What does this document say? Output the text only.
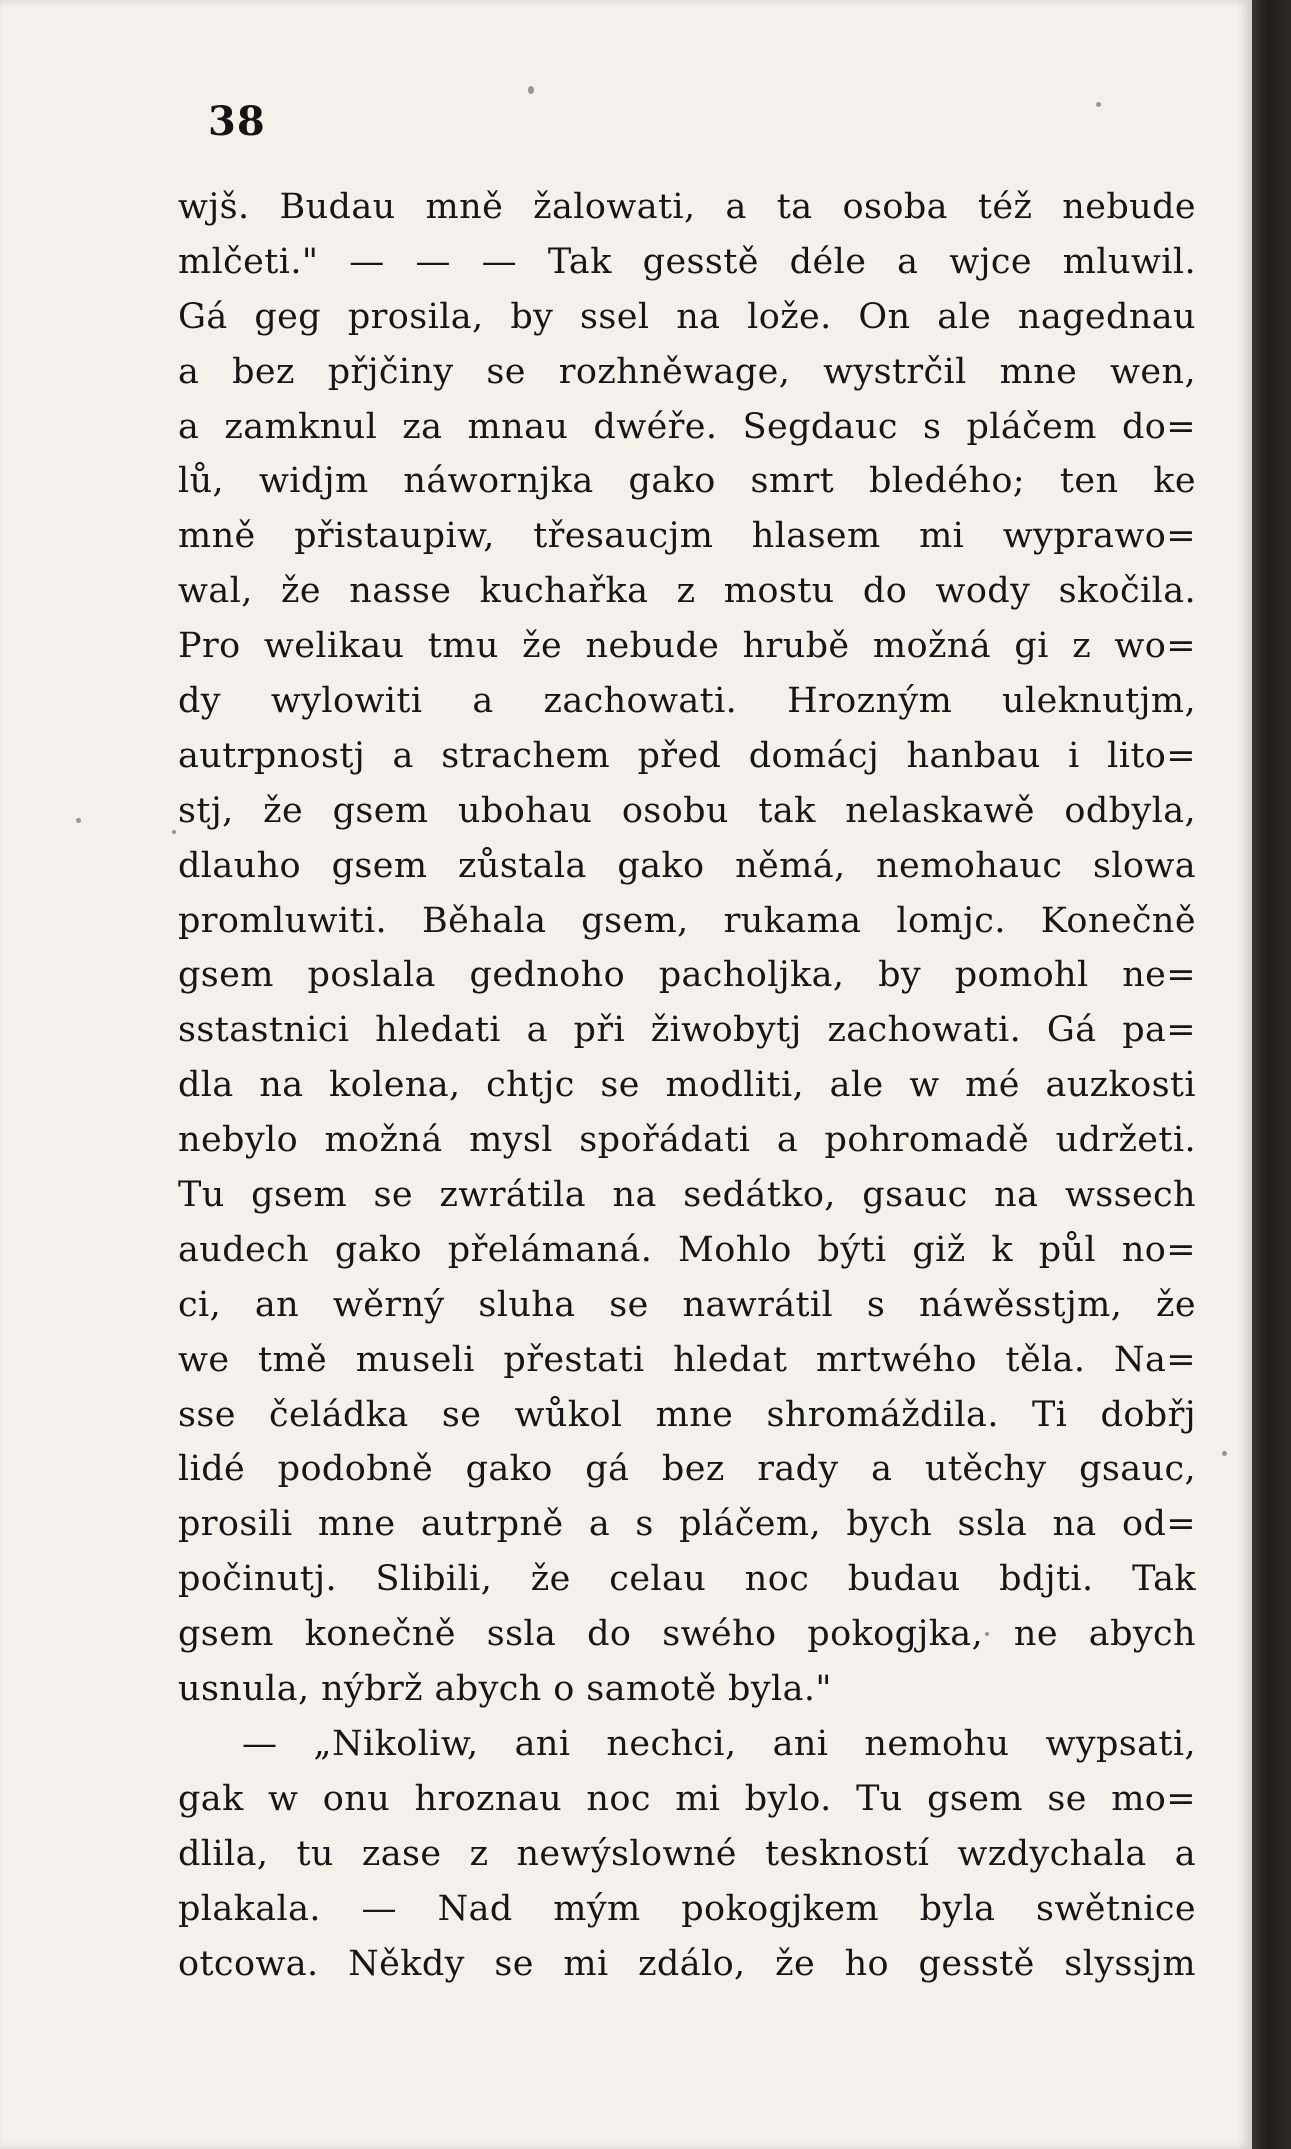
38
wjš. Budau mně žalowati, a ta osoba též nebude
mlčeti." — — — Tak gesstě déle a wjce mluwil.
Gá geg prosila, by ssel na lože. On ale nagednau
a bez přjčiny se rozhněwage, wystrčil mne wen,
a zamknul za mnau dwéře. Segdauc s pláčem do=
lů, widjm náwornjka gako smrt bledého; ten ke
mně přistaupiw, třesaucjm hlasem mi wyprawo=
wal, že nasse kuchařka z mostu do wody skočila.
Pro welikau tmu že nebude hrubě možná gi z wo=
dy wylowiti a zachowati. Hrozným uleknutjm,
autrpnostj a strachem před domácj hanbau i lito=
stj, že gsem ubohau osobu tak nelaskawě odbyla,
dlauho gsem zůstala gako němá, nemohauc slowa
promluwiti. Běhala gsem, rukama lomjc. Konečně
gsem poslala gednoho pacholjka, by pomohl ne=
sstastnici hledati a při žiwobytj zachowati. Gá pa=
dla na kolena, chtjc se modliti, ale w mé auzkosti
nebylo možná mysl spořádati a pohromadě udržeti.
Tu gsem se zwrátila na sedátko, gsauc na wssech
audech gako přelámaná. Mohlo býti giž k půl no=
ci, an wěrný sluha se nawrátil s náwěsstjm, že
we tmě museli přestati hledat mrtwého těla. Na=
sse čeládka se wůkol mne shromáždila. Ti dobřj
lidé podobně gako gá bez rady a utěchy gsauc,
prosili mne autrpně a s pláčem, bych ssla na od=
počinutj. Slibili, že celau noc budau bdjti. Tak
gsem konečně ssla do swého pokogjka, ne abych
usnula, nýbrž abych o samotě byla."
— „Nikoliw, ani nechci, ani nemohu wypsati,
gak w onu hroznau noc mi bylo. Tu gsem se mo=
dlila, tu zase z newýslowné teskností wzdychala a
plakala. — Nad mým pokogjkem byla swětnice
otcowa. Někdy se mi zdálo, že ho gesstě slyssjm
